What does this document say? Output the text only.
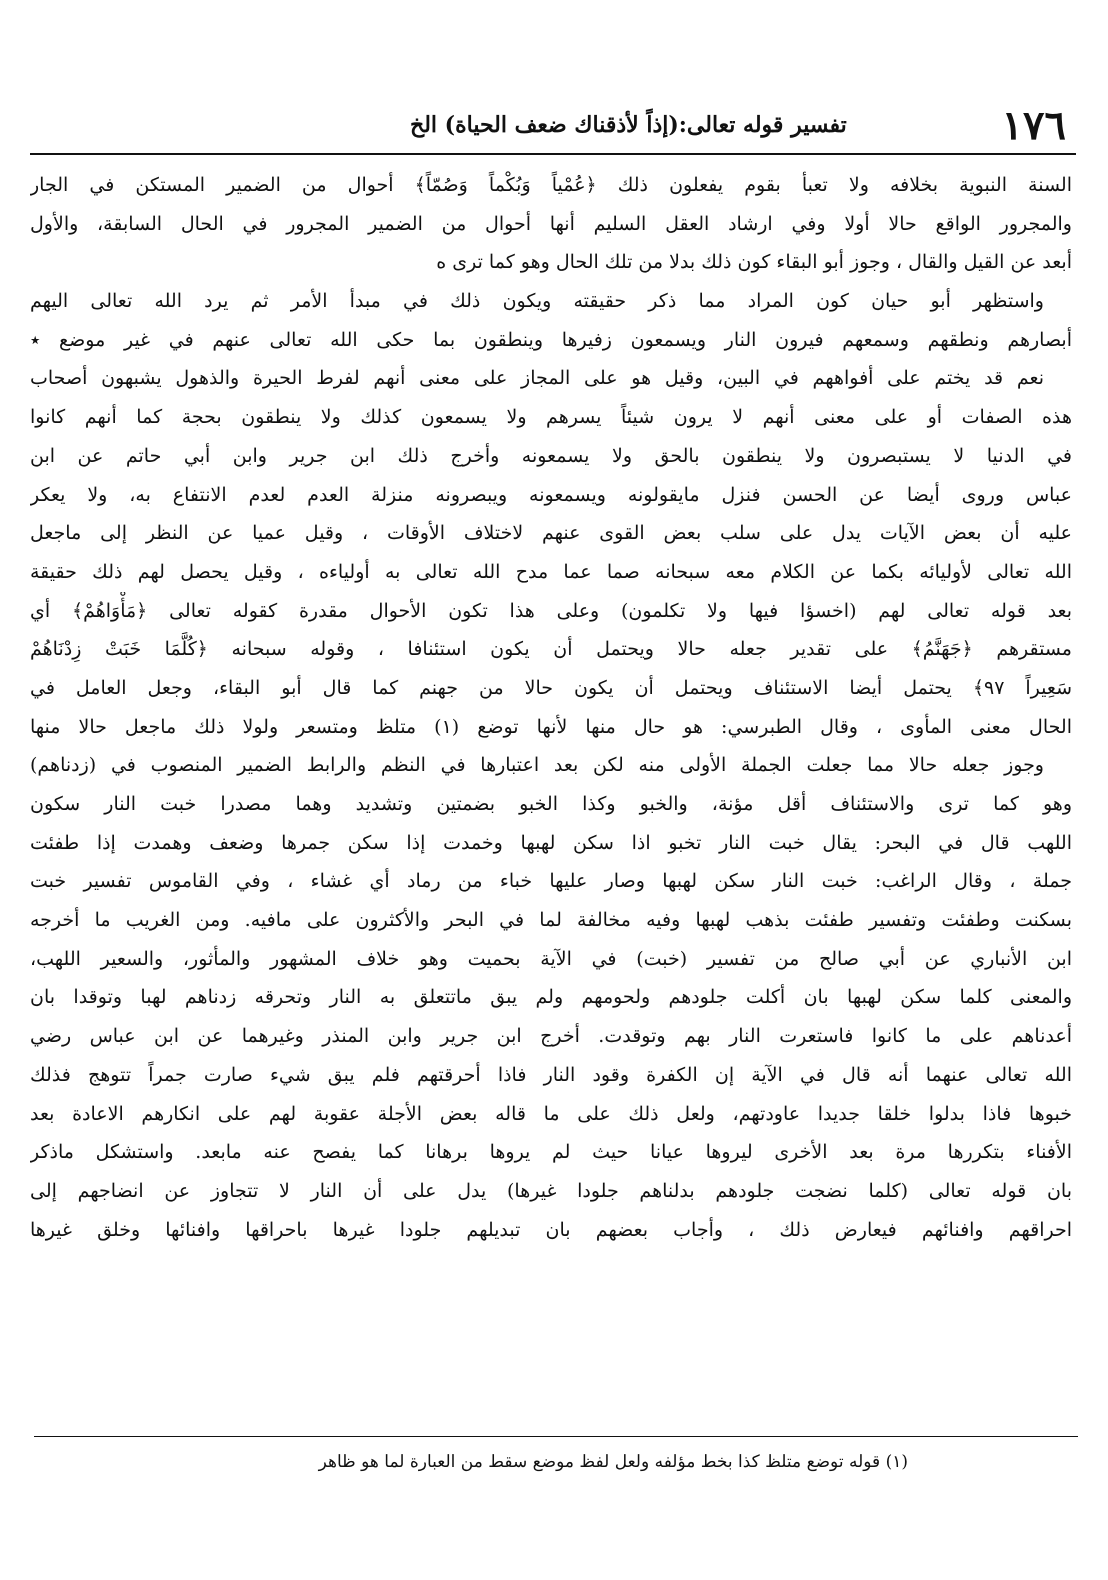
١٧٦
تفسير قوله تعالى:(إذاً لأذقناك ضعف الحياة) الخ
السنة النبوية بخلافه ولا تعبأ بقوم يفعلون ذلك ﴿عُمْياً وَبُكْماً وَصُمّاً﴾ أحوال من الضمير المستكن في الجار
والمجرور الواقع حالا أولا وفي ارشاد العقل السليم أنها أحوال من الضمير المجرور في الحال السابقة، والأول
أبعد عن القيل والقال ، وجوز أبو البقاء كون ذلك بدلا من تلك الحال وهو كما ترى ه
واستظهر أبو حيان كون المراد مما ذكر حقيقته ويكون ذلك في مبدأ الأمر ثم يرد الله تعالى اليهم
أبصارهم ونطقهم وسمعهم فيرون النار ويسمعون زفيرها وينطقون بما حكى الله تعالى عنهم في غير موضع ٭
نعم قد يختم على أفواههم في البين، وقيل هو على المجاز على معنى أنهم لفرط الحيرة والذهول يشبهون أصحاب
هذه الصفات أو على معنى أنهم لا يرون شيئاً يسرهم ولا يسمعون كذلك ولا ينطقون بحجة كما أنهم كانوا
في الدنيا لا يستبصرون ولا ينطقون بالحق ولا يسمعونه وأخرج ذلك ابن جرير وابن أبي حاتم عن ابن
عباس وروى أيضا عن الحسن فنزل مايقولونه ويسمعونه ويبصرونه منزلة العدم لعدم الانتفاع به، ولا يعكر
عليه أن بعض الآيات يدل على سلب بعض القوى عنهم لاختلاف الأوقات ، وقيل عميا عن النظر إلى ماجعل
الله تعالى لأوليائه بكما عن الكلام معه سبحانه صما عما مدح الله تعالى به أولياءه ، وقيل يحصل لهم ذلك حقيقة
بعد قوله تعالى لهم (اخسؤا فيها ولا تكلمون) وعلى هذا تكون الأحوال مقدرة كقوله تعالى ﴿مَأْوَاهُمْ﴾ أي
مستقرهم ﴿جَهَنَّمُ﴾ على تقدير جعله حالا ويحتمل أن يكون استئنافا ، وقوله سبحانه ﴿كُلَّمَا خَبَتْ زِدْنَاهُمْ
سَعِيراً ٩٧﴾ يحتمل أيضا الاستئناف ويحتمل أن يكون حالا من جهنم كما قال أبو البقاء، وجعل العامل في
الحال معنى المأوى ، وقال الطبرسي: هو حال منها لأنها توضع (١) متلظ ومتسعر ولولا ذلك ماجعل حالا منها
وجوز جعله حالا مما جعلت الجملة الأولى منه لكن بعد اعتبارها في النظم والرابط الضمير المنصوب في (زدناهم)
وهو كما ترى والاستئناف أقل مؤنة، والخبو وكذا الخبو بضمتين وتشديد وهما مصدرا خبت النار سكون
اللهب قال في البحر: يقال خبت النار تخبو اذا سكن لهبها وخمدت إذا سكن جمرها وضعف وهمدت إذا طفئت
جملة ، وقال الراغب: خبت النار سكن لهبها وصار عليها خباء من رماد أي غشاء ، وفي القاموس تفسير خبت
بسكنت وطفئت وتفسير طفئت بذهب لهبها وفيه مخالفة لما في البحر والأكثرون على مافيه. ومن الغريب ما أخرجه
ابن الأنباري عن أبي صالح من تفسير (خبت) في الآية بحميت وهو خلاف المشهور والمأثور، والسعير اللهب،
والمعنى كلما سكن لهبها بان أكلت جلودهم ولحومهم ولم يبق ماتتعلق به النار وتحرقه زدناهم لهبا وتوقدا بان
أعدناهم على ما كانوا فاستعرت النار بهم وتوقدت. أخرج ابن جرير وابن المنذر وغيرهما عن ابن عباس رضي
الله تعالى عنهما أنه قال في الآية إن الكفرة وقود النار فاذا أحرقتهم فلم يبق شيء صارت جمراً تتوهج فذلك
خبوها فاذا بدلوا خلقا جديدا عاودتهم، ولعل ذلك على ما قاله بعض الأجلة عقوبة لهم على انكارهم الاعادة بعد
الأفناء بتكررها مرة بعد الأخرى ليروها عيانا حيث لم يروها برهانا كما يفصح عنه مابعد. واستشكل ماذكر
بان قوله تعالى (كلما نضجت جلودهم بدلناهم جلودا غيرها) يدل على أن النار لا تتجاوز عن انضاجهم إلى
احراقهم وافنائهم فيعارض ذلك ، وأجاب بعضهم بان تبديلهم جلودا غيرها باحراقها وافنائها وخلق غيرها
(١) قوله توضع متلظ كذا بخط مؤلفه ولعل لفظ موضع سقط من العبارة لما هو ظاهر
